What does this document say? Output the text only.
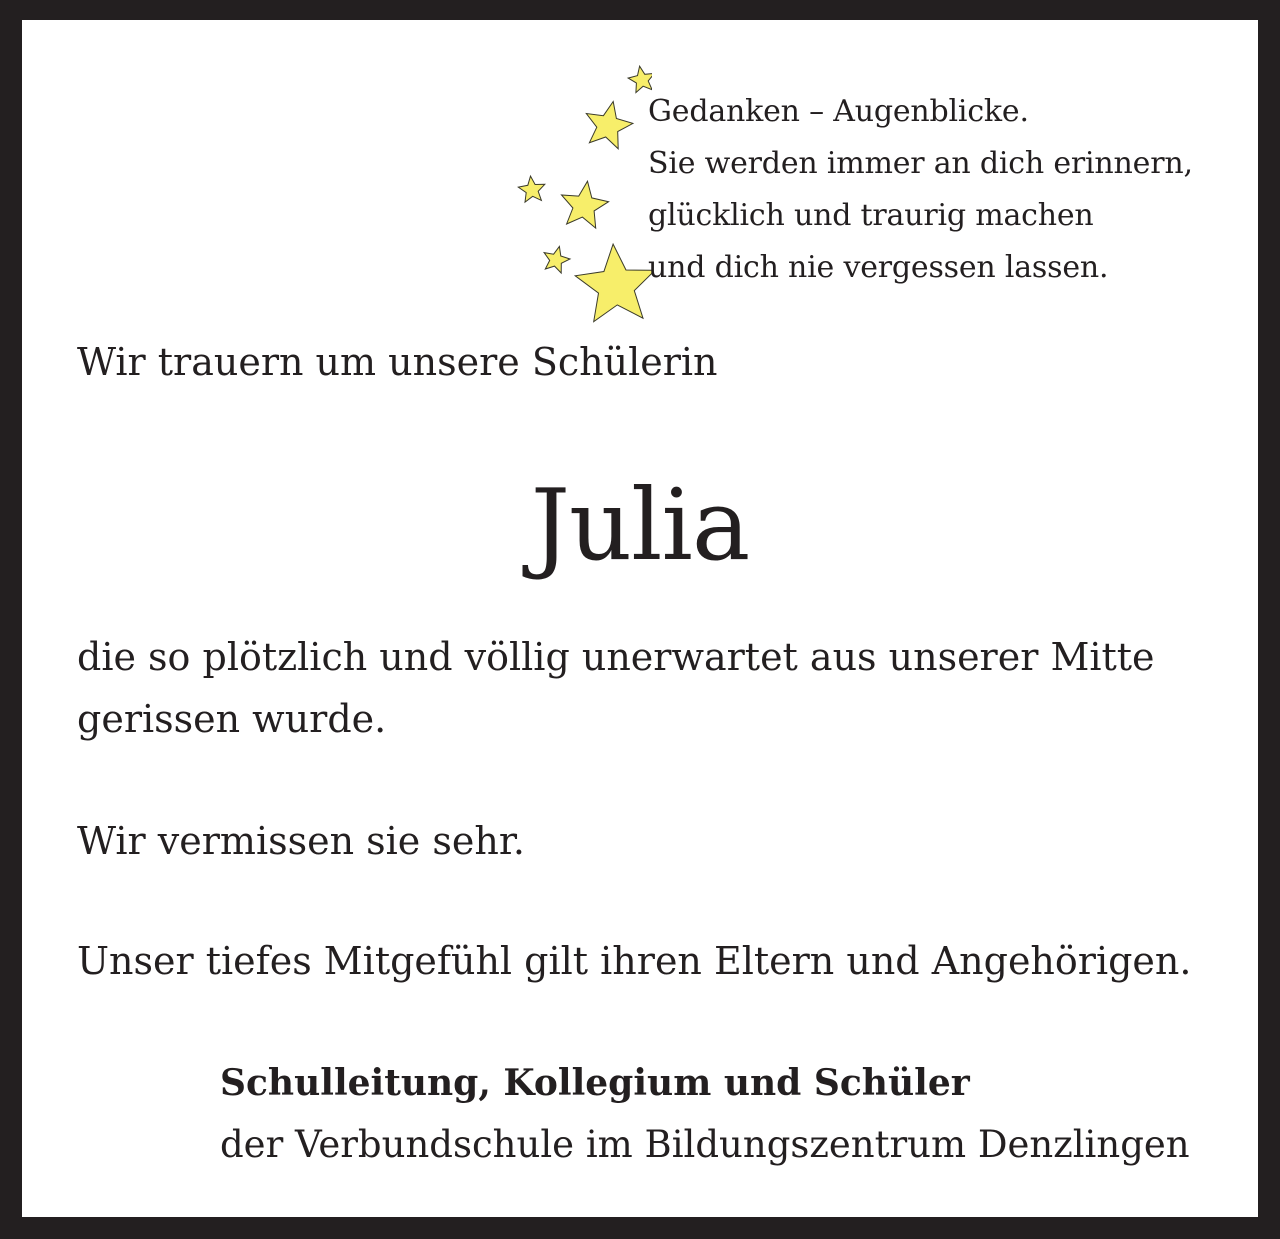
Gedanken – Augenblicke.
Sie werden immer an dich erinnern,
glücklich und traurig machen
und dich nie vergessen lassen.
Wir trauern um unsere Schülerin
Julia
die so plötzlich und völlig unerwartet aus unserer Mitte
gerissen wurde.
Wir vermissen sie sehr.
Unser tiefes Mitgefühl gilt ihren Eltern und Angehörigen.
Schulleitung, Kollegium und Schüler
der Verbundschule im Bildungszentrum Denzlingen
